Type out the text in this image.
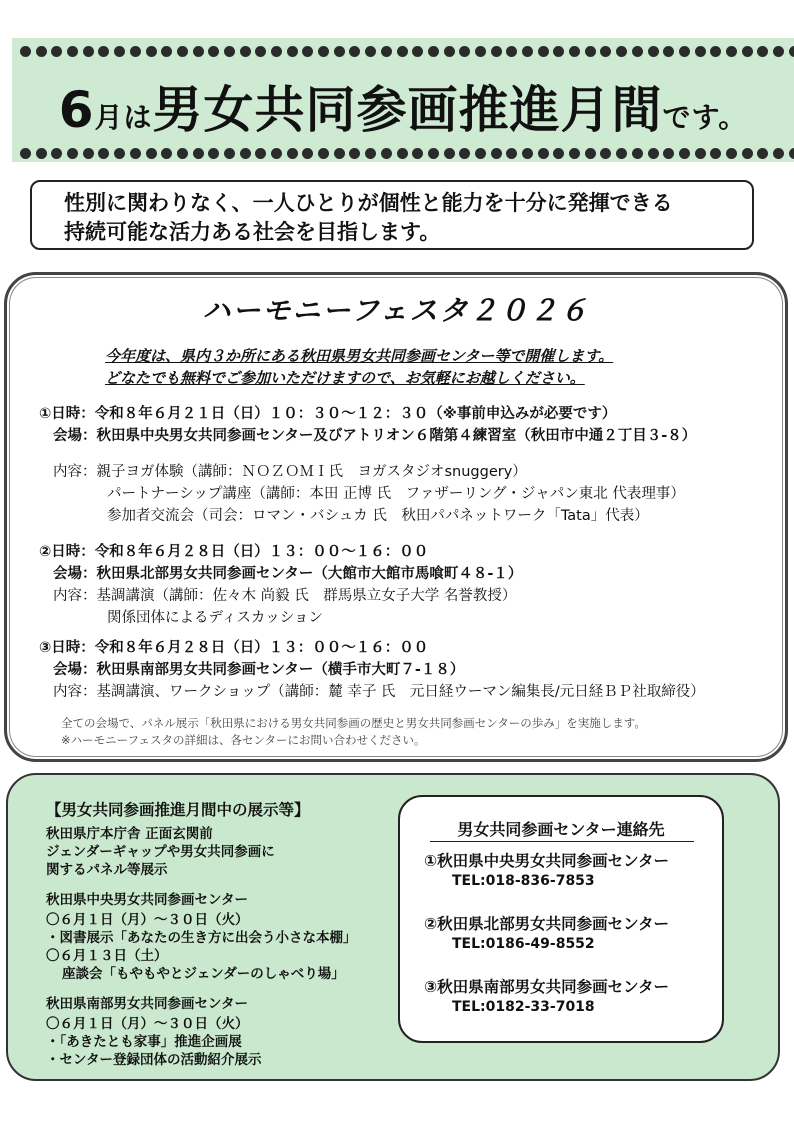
6月は男女共同参画推進月間です。
性別に関わりなく、一人ひとりが個性と能力を十分に発揮できる
持続可能な活力ある社会を目指します。
ハーモニーフェスタ２０２６
今年度は、県内３か所にある秋田県男女共同参画センター等で開催します。
どなたでも無料でご参加いただけますので、お気軽にお越しください。
①日時：令和８年６月２１日（日）１０：３０～１２：３０（※事前申込みが必要です）
会場：秋田県中央男女共同参画センター及びアトリオン６階第４練習室（秋田市中通２丁目３-８）
内容：親子ヨガ体験（講師：ＮＯＺＯＭＩ氏　ヨガスタジオsnuggery）
パートナーシップ講座（講師：本田 正博 氏　ファザーリング・ジャパン東北 代表理事）
参加者交流会（司会：ロマン・バシュカ 氏　秋田パパネットワーク「Tata」代表）
②日時：令和８年６月２８日（日）１３：００～１６：００
会場：秋田県北部男女共同参画センター（大館市大館市馬喰町４８-１）
内容：基調講演（講師：佐々木 尚毅 氏　群馬県立女子大学 名誉教授）
関係団体によるディスカッション
③日時：令和８年６月２８日（日）１３：００～１６：００
会場：秋田県南部男女共同参画センター（横手市大町７-１８）
内容：基調講演、ワークショップ（講師：麓 幸子 氏　元日経ウーマン編集長/元日経ＢＰ社取締役）
全ての会場で、パネル展示「秋田県における男女共同参画の歴史と男女共同参画センターの歩み」を実施します。
※ハーモニーフェスタの詳細は、各センターにお問い合わせください。
【男女共同参画推進月間中の展示等】
秋田県庁本庁舎 正面玄関前
ジェンダーギャップや男女共同参画に
関するパネル等展示
秋田県中央男女共同参画センター
〇６月１日（月）～３０日（火）
・図書展示「あなたの生き方に出会う小さな本棚」
〇６月１３日（土）
座談会「もやもやとジェンダーのしゃべり場」
秋田県南部男女共同参画センター
〇６月１日（月）～３０日（火）
・「あきたとも家事」推進企画展
・センター登録団体の活動紹介展示
男女共同参画センター連絡先
①秋田県中央男女共同参画センター
TEL:018-836-7853
②秋田県北部男女共同参画センター
TEL:0186-49-8552
③秋田県南部男女共同参画センター
TEL:0182-33-7018
